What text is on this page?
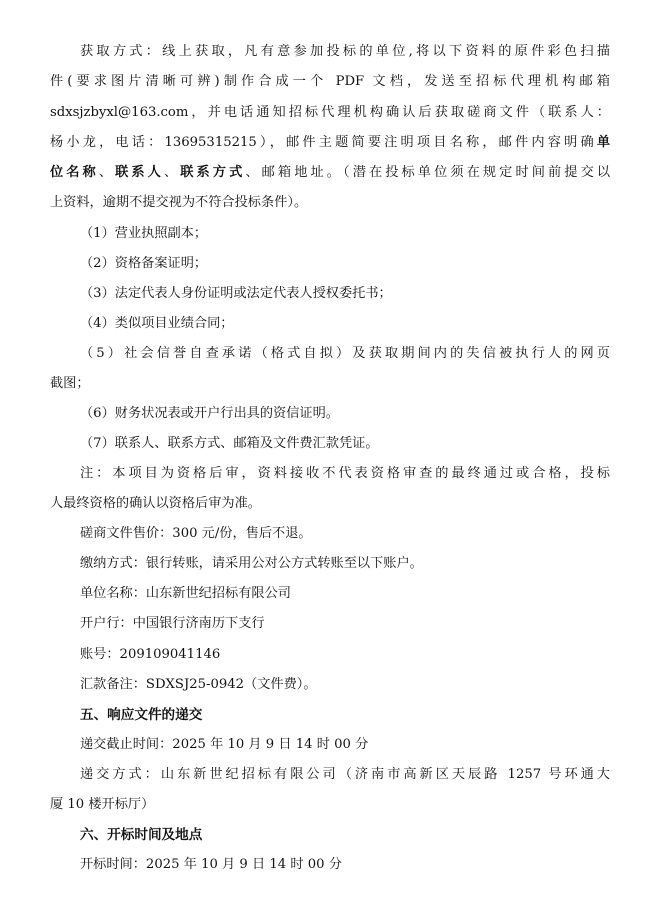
获取方式：线上获取，凡有意参加投标的单位,将以下资料的原件彩色扫描
件(要求图片清晰可辨)制作合成一个 PDF 文档，发送至招标代理机构邮箱
sdxsjzbyxl@163.com，并电话通知招标代理机构确认后获取磋商文件（联系人：
杨小龙，电话：13695315215），邮件主题简要注明项目名称，邮件内容明确单
位名称、联系人、联系方式、邮箱地址。（潜在投标单位须在规定时间前提交以
上资料，逾期不提交视为不符合投标条件）。
（1）营业执照副本；
（2）资格备案证明；
（3）法定代表人身份证明或法定代表人授权委托书；
（4）类似项目业绩合同；
（5）社会信誉自查承诺（格式自拟）及获取期间内的失信被执行人的网页
截图；
（6）财务状况表或开户行出具的资信证明。
（7）联系人、联系方式、邮箱及文件费汇款凭证。
注：本项目为资格后审，资料接收不代表资格审查的最终通过或合格，投标
人最终资格的确认以资格后审为准。
磋商文件售价：300 元/份，售后不退。
缴纳方式：银行转账，请采用公对公方式转账至以下账户。
单位名称：山东新世纪招标有限公司
开户行：中国银行济南历下支行
账号：209109041146
汇款备注：SDXSJ25-0942（文件费）。
五、响应文件的递交
递交截止时间：2025 年 10 月 9 日 14 时 00 分
递交方式：山东新世纪招标有限公司（济南市高新区天辰路 1257 号环通大
厦 10 楼开标厅）
六、开标时间及地点
开标时间：2025 年 10 月 9 日 14 时 00 分
